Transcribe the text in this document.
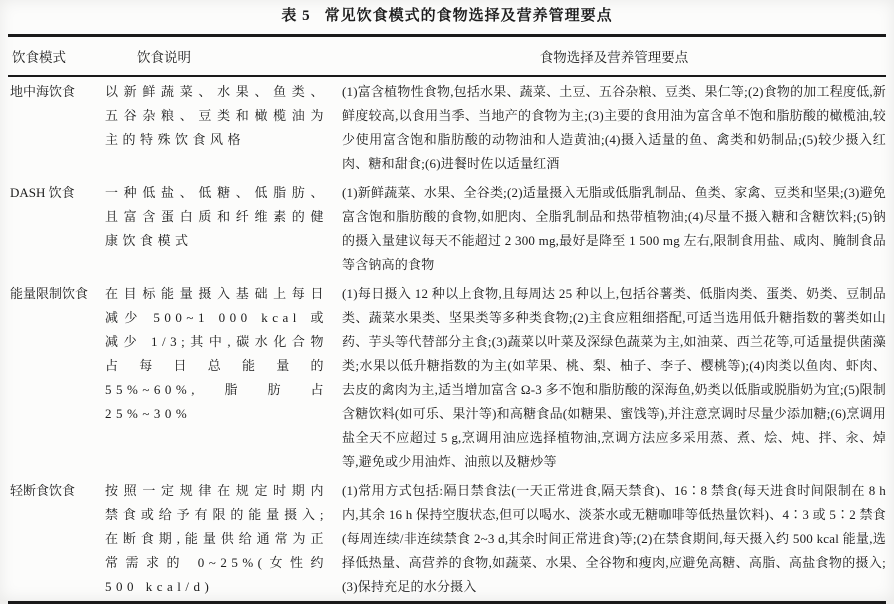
表 5 常见饮食模式的食物选择及营养管理要点
饮食模式	饮食说明	食物选择及营养管理要点
地中海饮食	以新鲜蔬菜、水果、鱼类、五谷杂粮、豆类和橄榄油为主的特殊饮食风格	(1)富含植物性食物,包括水果、蔬菜、土豆、五谷杂粮、豆类、果仁等;(2)食物的加工程度低,新鲜度较高,以食用当季、当地产的食物为主;(3)主要的食用油为富含单不饱和脂肪酸的橄榄油,较少使用富含饱和脂肪酸的动物油和人造黄油;(4)摄入适量的鱼、禽类和奶制品;(5)较少摄入红肉、糖和甜食;(6)进餐时佐以适量红酒
DASH 饮食	一种低盐、低糖、低脂肪、且富含蛋白质和纤维素的健康饮食模式	(1)新鲜蔬菜、水果、全谷类;(2)适量摄入无脂或低脂乳制品、鱼类、家禽、豆类和坚果;(3)避免富含饱和脂肪酸的食物,如肥肉、全脂乳制品和热带植物油;(4)尽量不摄入糖和含糖饮料;(5)钠的摄入量建议每天不能超过 2 300 mg,最好是降至 1 500 mg 左右,限制食用盐、咸肉、腌制食品等含钠高的食物
能量限制饮食	在目标能量摄入基础上每日减少 500~1 000 kcal 或减少 1/3;其中,碳水化合物占每日总能量的 55%~60%,脂肪占 25%~30%	(1)每日摄入 12 种以上食物,且每周达 25 种以上,包括谷薯类、低脂肉类、蛋类、奶类、豆制品类、蔬菜水果类、坚果类等多种类食物;(2)主食应粗细搭配,可适当选用低升糖指数的薯类如山药、芋头等代替部分主食;(3)蔬菜以叶菜及深绿色蔬菜为主,如油菜、西兰花等,可适量提供菌藻类;水果以低升糖指数的为主(如苹果、桃、梨、柚子、李子、樱桃等);(4)肉类以鱼肉、虾肉、去皮的禽肉为主,适当增加富含 Ω-3 多不饱和脂肪酸的深海鱼,奶类以低脂或脱脂奶为宜;(5)限制含糖饮料(如可乐、果汁等)和高糖食品(如糖果、蜜饯等),并注意烹调时尽量少添加糖;(6)烹调用盐全天不应超过 5 g,烹调用油应选择植物油,烹调方法应多采用蒸、煮、烩、炖、拌、汆、焯等,避免或少用油炸、油煎以及糖炒等
轻断食饮食	按照一定规律在规定时期内禁食或给予有限的能量摄入;在断食期,能量供给通常为正常需求的 0~25%(女性约 500 kcal/d)	(1)常用方式包括:隔日禁食法(一天正常进食,隔天禁食)、16∶8 禁食(每天进食时间限制在 8 h 内,其余 16 h 保持空腹状态,但可以喝水、淡茶水或无糖咖啡等低热量饮料)、4∶3 或 5∶2 禁食(每周连续/非连续禁食 2~3 d,其余时间正常进食)等;(2)在禁食期间,每天摄入约 500 kcal 能量,选择低热量、高营养的食物,如蔬菜、水果、全谷物和瘦肉,应避免高糖、高脂、高盐食物的摄入;(3)保持充足的水分摄入
